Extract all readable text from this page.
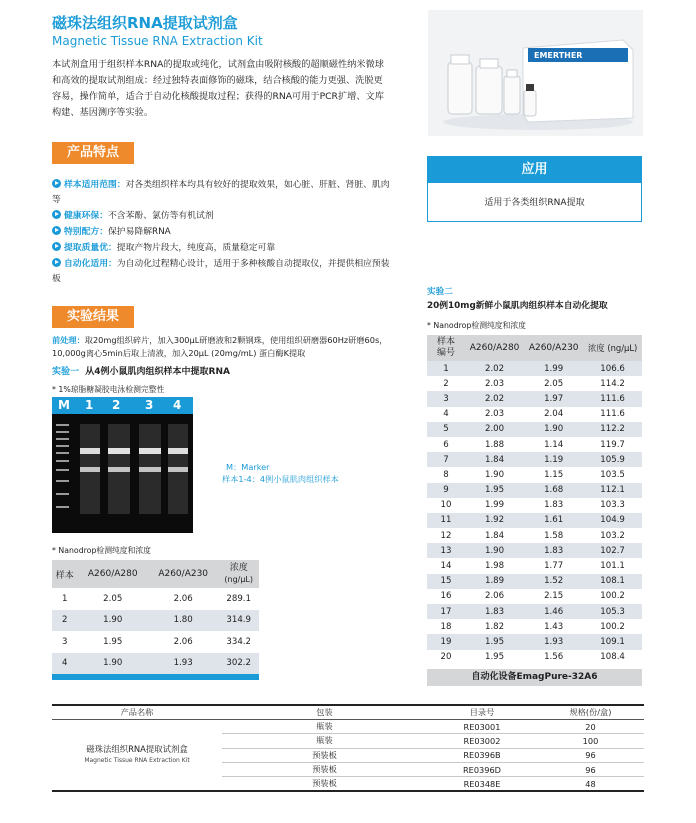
磁珠法组织RNA提取试剂盒
Magnetic Tissue RNA Extraction Kit
本试剂盒用于组织样本RNA的提取或纯化，试剂盒由吸附核酸的超顺磁性纳米微球和高效的提取试剂组成：经过独特表面修饰的磁珠，结合核酸的能力更强、洗脱更容易，操作简单，适合于自动化核酸提取过程；获得的RNA可用于PCR扩增、文库构建、基因测序等实验。
EMERTHER
产品特点
样本适用范围：对各类组织样本均具有较好的提取效果，如心脏、肝脏、肾脏、肌肉等
健康环保：不含苯酚、氯仿等有机试剂
特别配方：保护易降解RNA
提取质量优：提取产物片段大，纯度高，质量稳定可靠
自动化适用：为自动化过程精心设计，适用于多种核酸自动提取仪，并提供相应预装板
应用
适用于各类组织RNA提取
实验结果
前处理：取20mg组织碎片，加入300μL研磨液和2颗钢珠，使用组织研磨器60Hz研磨60s，10,000g离心5min后取上清液，加入20μL (20mg/mL) 蛋白酶K提取
实验一 从4例小鼠肌肉组织样本中提取RNA
* 1%琼脂糖凝胶电泳检测完整性
M 1 2 3 4
M：Marker
样本1-4：4例小鼠肌肉组织样本
* Nanodrop检测纯度和浓度
样本	A260/A280	A260/A230	浓度
(ng/μL)

1	2.05	2.06	289.1
2	1.90	1.80	314.9
3	1.95	2.06	334.2
4	1.90	1.93	302.2

实验二
20例10mg新鲜小鼠肌肉组织样本自动化提取
* Nanodrop检测纯度和浓度
样本
编号	A260/A280	A260/A230	浓度 (ng/μL)
1	2.02	1.99	106.6
2	2.03	2.05	114.2
3	2.02	1.97	111.6
4	2.03	2.04	111.6
5	2.00	1.90	112.2
6	1.88	1.14	119.7
7	1.84	1.19	105.9
8	1.90	1.15	103.5
9	1.95	1.68	112.1
10	1.99	1.83	103.3
11	1.92	1.61	104.9
12	1.84	1.58	103.2
13	1.90	1.83	102.7
14	1.98	1.77	101.1
15	1.89	1.52	108.1
16	2.06	2.15	100.2
17	1.83	1.46	105.3
18	1.82	1.43	100.2
19	1.95	1.93	109.1
20	1.95	1.56	108.4
自动化设备EmagPure-32A6
产品名称	包装	目录号	规格(份/盒)

磁珠法组织RNA提取试剂盒
Magnetic Tissue RNA Extraction Kit	瓶装	RE03001	20
	瓶装	RE03002	100
	预装板	RE0396B	96
	预装板	RE0396D	96
	预装板	RE0348E	48
